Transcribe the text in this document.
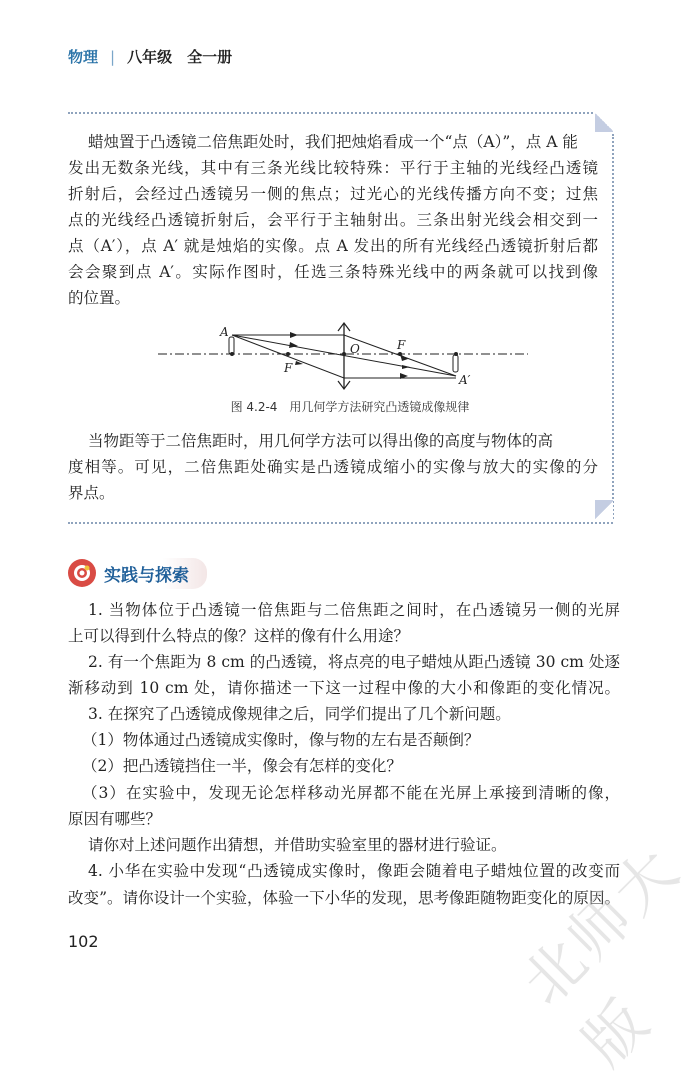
物理 | 八年级　全一册
蜡烛置于凸透镜二倍焦距处时，我们把烛焰看成一个“点（A）”，点 A 能
发出无数条光线，其中有三条光线比较特殊：平行于主轴的光线经凸透镜
折射后，会经过凸透镜另一侧的焦点；过光心的光线传播方向不变；过焦
点的光线经凸透镜折射后，会平行于主轴射出。三条出射光线会相交到一
点（A′），点 A′ 就是烛焰的实像。点 A 发出的所有光线经凸透镜折射后都
会会聚到点 A′。实际作图时，任选三条特殊光线中的两条就可以找到像
的位置。
A
A′
O
F
F
图 4.2-4　用几何学方法研究凸透镜成像规律
当物距等于二倍焦距时，用几何学方法可以得出像的高度与物体的高
度相等。可见，二倍焦距处确实是凸透镜成缩小的实像与放大的实像的分
界点。
实践与探索
1. 当物体位于凸透镜一倍焦距与二倍焦距之间时，在凸透镜另一侧的光屏
上可以得到什么特点的像？这样的像有什么用途？
2. 有一个焦距为 8 cm 的凸透镜，将点亮的电子蜡烛从距凸透镜 30 cm 处逐
渐移动到 10 cm 处，请你描述一下这一过程中像的大小和像距的变化情况。
3. 在探究了凸透镜成像规律之后，同学们提出了几个新问题。
（1）物体通过凸透镜成实像时，像与物的左右是否颠倒？
（2）把凸透镜挡住一半，像会有怎样的变化？
（3）在实验中，发现无论怎样移动光屏都不能在光屏上承接到清晰的像，
原因有哪些？
请你对上述问题作出猜想，并借助实验室里的器材进行验证。
4. 小华在实验中发现“凸透镜成实像时，像距会随着电子蜡烛位置的改变而
改变”。请你设计一个实验，体验一下小华的发现，思考像距随物距变化的原因。
102	北师大版
